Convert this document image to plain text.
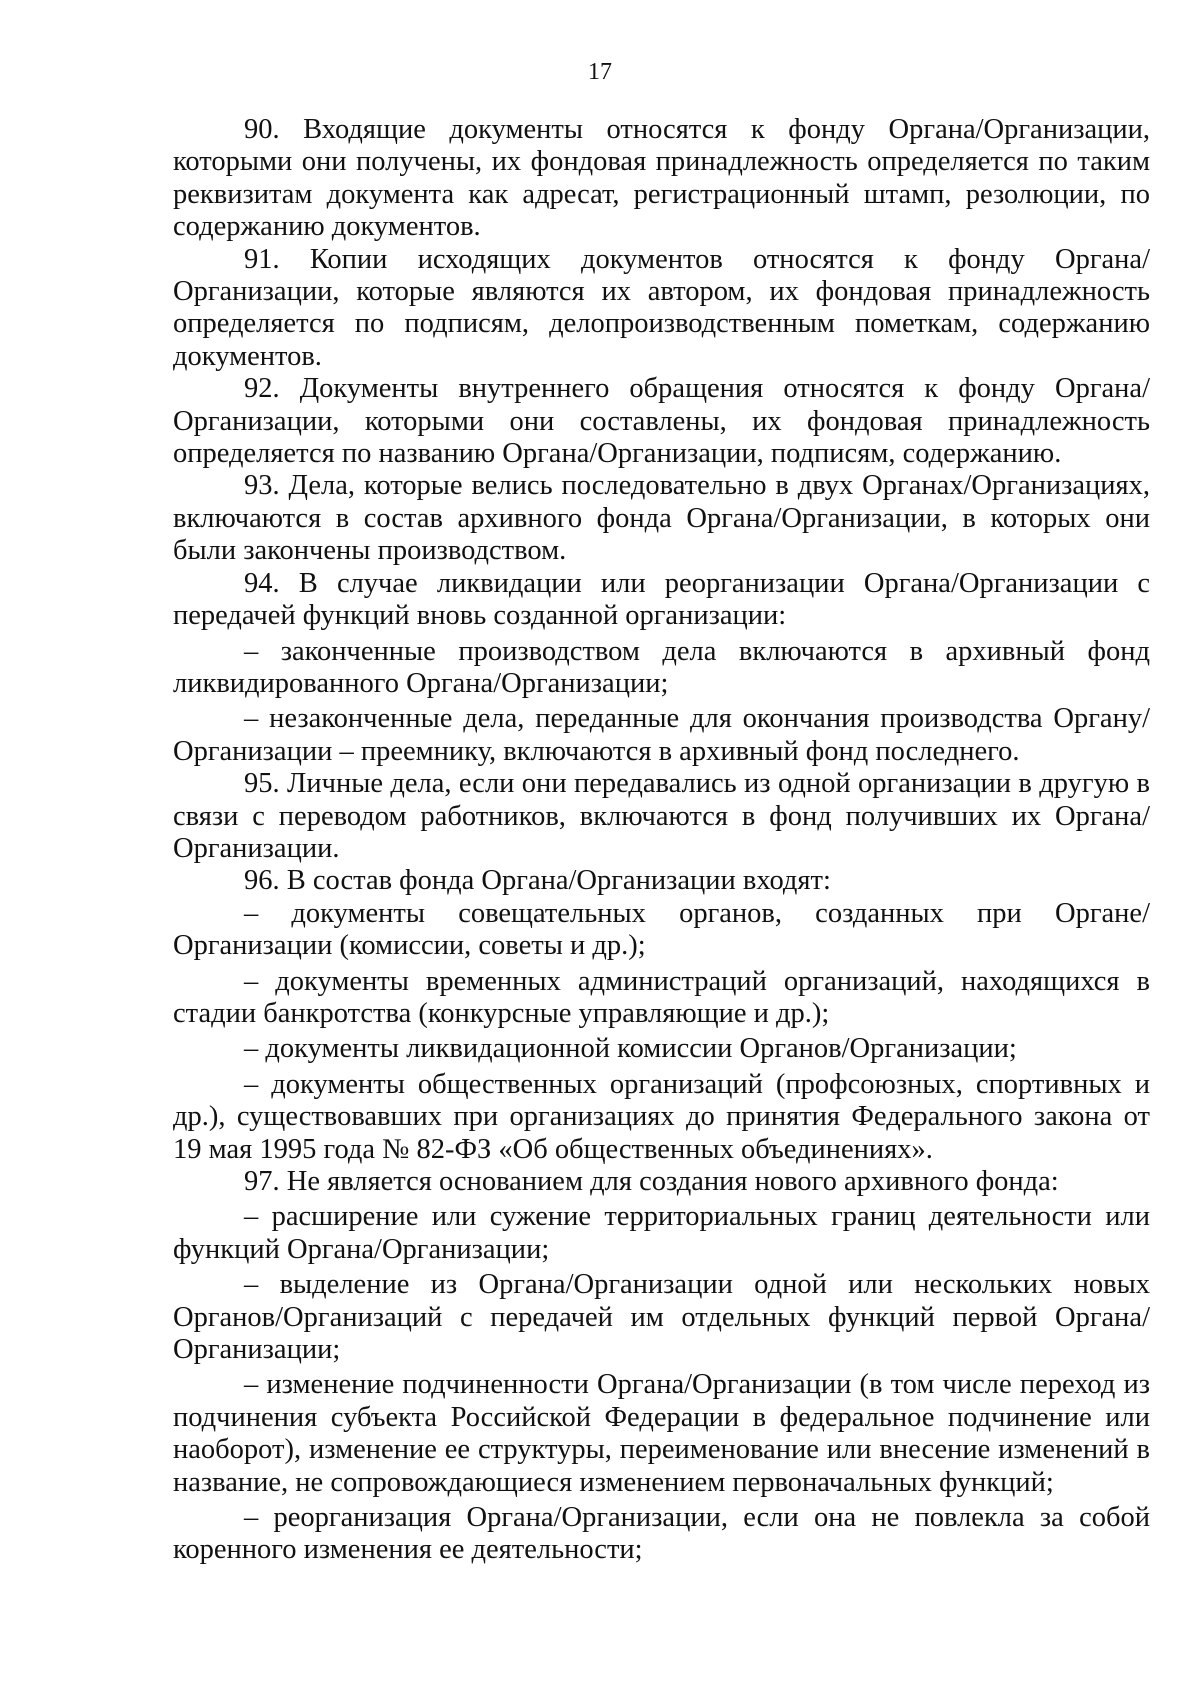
17

90. Входящие документы относятся к фонду Органа/Организации, которыми они получены, их фондовая принадлежность определяется по таким реквизитам документа как адресат, регистрационный штамп, резолюции, по содержанию документов.

91. Копии исходящих документов относятся к фонду Органа/Организации, которые являются их автором, их фондовая принадлежность определяется по подписям, делопроизводственным пометкам, содержанию документов.

92. Документы внутреннего обращения относятся к фонду Органа/Организации, которыми они составлены, их фондовая принадлежность определяется по названию Органа/Организации, подписям, содержанию.

93. Дела, которые велись последовательно в двух Органах/Организациях, включаются в состав архивного фонда Органа/Организации, в которых они были закончены производством.

94. В случае ликвидации или реорганизации Органа/Организации с передачей функций вновь созданной организации:

– законченные производством дела включаются в архивный фонд ликвидированного Органа/Организации;

– незаконченные дела, переданные для окончания производства Органу/Организации – преемнику, включаются в архивный фонд последнего.

95. Личные дела, если они передавались из одной организации в другую в связи с переводом работников, включаются в фонд получивших их Органа/Организации.

96. В состав фонда Органа/Организации входят:

– документы совещательных органов, созданных при Органе/Организации (комиссии, советы и др.);

– документы временных администраций организаций, находящихся в стадии банкротства (конкурсные управляющие и др.);

– документы ликвидационной комиссии Органов/Организации;

– документы общественных организаций (профсоюзных, спортивных и др.), существовавших при организациях до принятия Федерального закона от 19 мая 1995 года № 82-ФЗ «Об общественных объединениях».

97. Не является основанием для создания нового архивного фонда:

– расширение или сужение территориальных границ деятельности или функций Органа/Организации;

– выделение из Органа/Организации одной или нескольких новых Органов/Организаций с передачей им отдельных функций первой Органа/Организации;

– изменение подчиненности Органа/Организации (в том числе переход из подчинения субъекта Российской Федерации в федеральное подчинение или наоборот), изменение ее структуры, переименование или внесение изменений в название, не сопровождающиеся изменением первоначальных функций;

– реорганизация Органа/Организации, если она не повлекла за собой коренного изменения ее деятельности;
